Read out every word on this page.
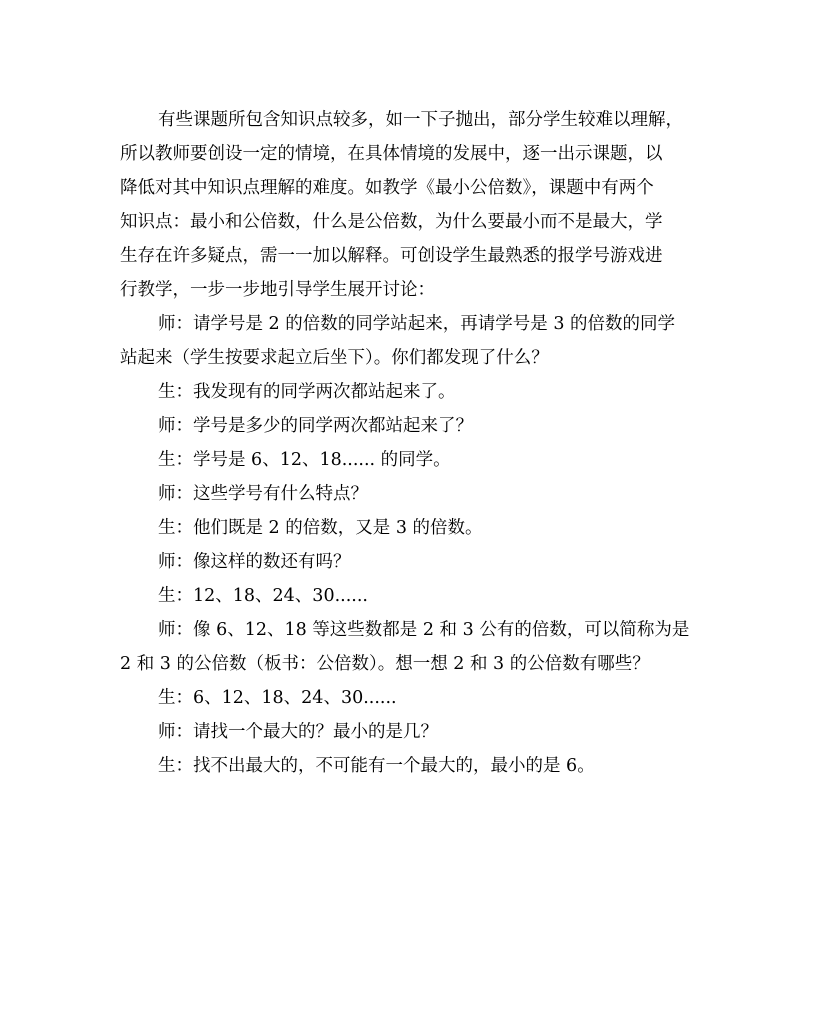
有些课题所包含知识点较多，如一下子抛出，部分学生较难以理解，
所以教师要创设一定的情境，在具体情境的发展中，逐一出示课题，以
降低对其中知识点理解的难度。如教学《最小公倍数》，课题中有两个
知识点：最小和公倍数，什么是公倍数，为什么要最小而不是最大，学
生存在许多疑点，需一一加以解释。可创设学生最熟悉的报学号游戏进
行教学，一步一步地引导学生展开讨论：
师：请学号是 2 的倍数的同学站起来，再请学号是 3 的倍数的同学
站起来（学生按要求起立后坐下）。你们都发现了什么？
生：我发现有的同学两次都站起来了。
师：学号是多少的同学两次都站起来了？
生：学号是 6、12、18...... 的同学。
师：这些学号有什么特点？
生：他们既是 2 的倍数，又是 3 的倍数。
师：像这样的数还有吗？
生：12、18、24、30......
师：像 6、12、18 等这些数都是 2 和 3 公有的倍数，可以简称为是
2 和 3 的公倍数（板书：公倍数）。想一想 2 和 3 的公倍数有哪些？
生：6、12、18、24、30......
师：请找一个最大的？最小的是几？
生：找不出最大的，不可能有一个最大的，最小的是 6。
